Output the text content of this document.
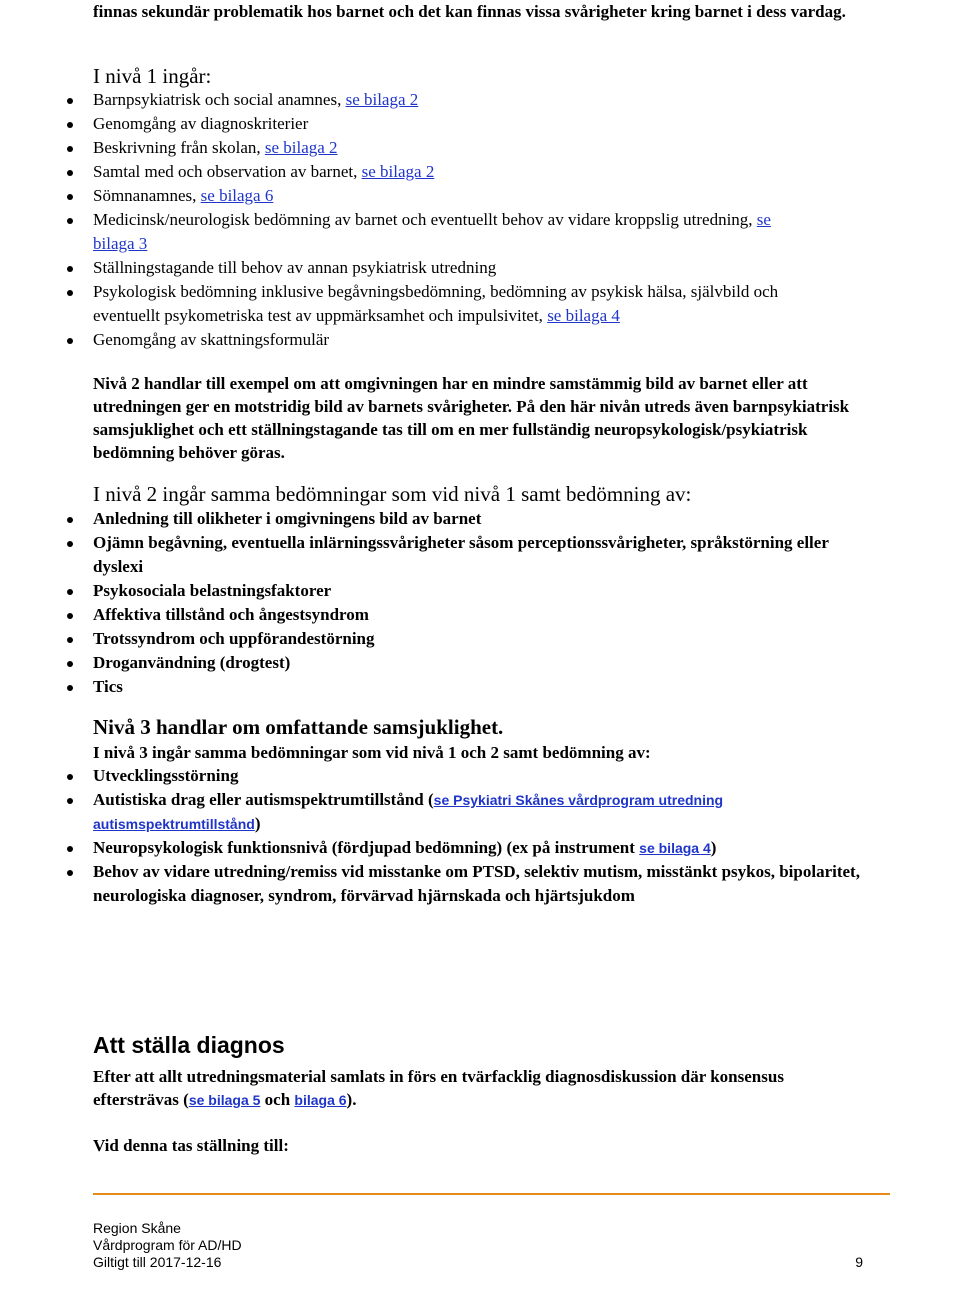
finnas sekundär problematik hos barnet och det kan finnas vissa svårigheter kring barnet i dess vardag.

I nivå 1 ingår:
Barnpsykiatrisk och social anamnes, se bilaga 2
Genomgång av diagnoskriterier
Beskrivning från skolan, se bilaga 2
Samtal med och observation av barnet, se bilaga 2
Sömnanamnes, se bilaga 6
Medicinsk/neurologisk bedömning av barnet och eventuellt behov av vidare kroppslig utredning, se bilaga 3
Ställningstagande till behov av annan psykiatrisk utredning
Psykologisk bedömning inklusive begåvningsbedömning, bedömning av psykisk hälsa, självbild och eventuellt psykometriska test av uppmärksamhet och impulsivitet, se bilaga 4
Genomgång av skattningsformulär

Nivå 2 handlar till exempel om att omgivningen har en mindre samstämmig bild av barnet eller att utredningen ger en motstridig bild av barnets svårigheter. På den här nivån utreds även barnpsykiatrisk samsjuklighet och ett ställningstagande tas till om en mer fullständig neuropsykologisk/psykiatrisk bedömning behöver göras.

I nivå 2 ingår samma bedömningar som vid nivå 1 samt bedömning av:
Anledning till olikheter i omgivningens bild av barnet
Ojämn begåvning, eventuella inlärningssvårigheter såsom perceptionssvårigheter, språkstörning eller dyslexi
Psykosociala belastningsfaktorer
Affektiva tillstånd och ångestsyndrom
Trotssyndrom och uppförandestörning
Droganvändning (drogtest)
Tics
Nivå 3 handlar om omfattande samsjuklighet.

I nivå 3 ingår samma bedömningar som vid nivå 1 och 2 samt bedömning av:

Utvecklingsstörning
Autistiska drag eller autismspektrumtillstånd (se Psykiatri Skånes vårdprogram utredning autismspektrumtillstånd)
Neuropsykologisk funktionsnivå (fördjupad bedömning) (ex på instrument se bilaga 4)
Behov av vidare utredning/remiss vid misstanke om PTSD, selektiv mutism, misstänkt psykos, bipolaritet, neurologiska diagnoser, syndrom, förvärvad hjärnskada och hjärtsjukdom
Att ställa diagnos

Efter att allt utredningsmaterial samlats in förs en tvärfacklig diagnosdiskussion där konsensus eftersträvas (se bilaga 5 och bilaga 6).

Vid denna tas ställning till:

Region Skåne
Vårdprogram för AD/HD
Giltigt till 2017-12-16	9
